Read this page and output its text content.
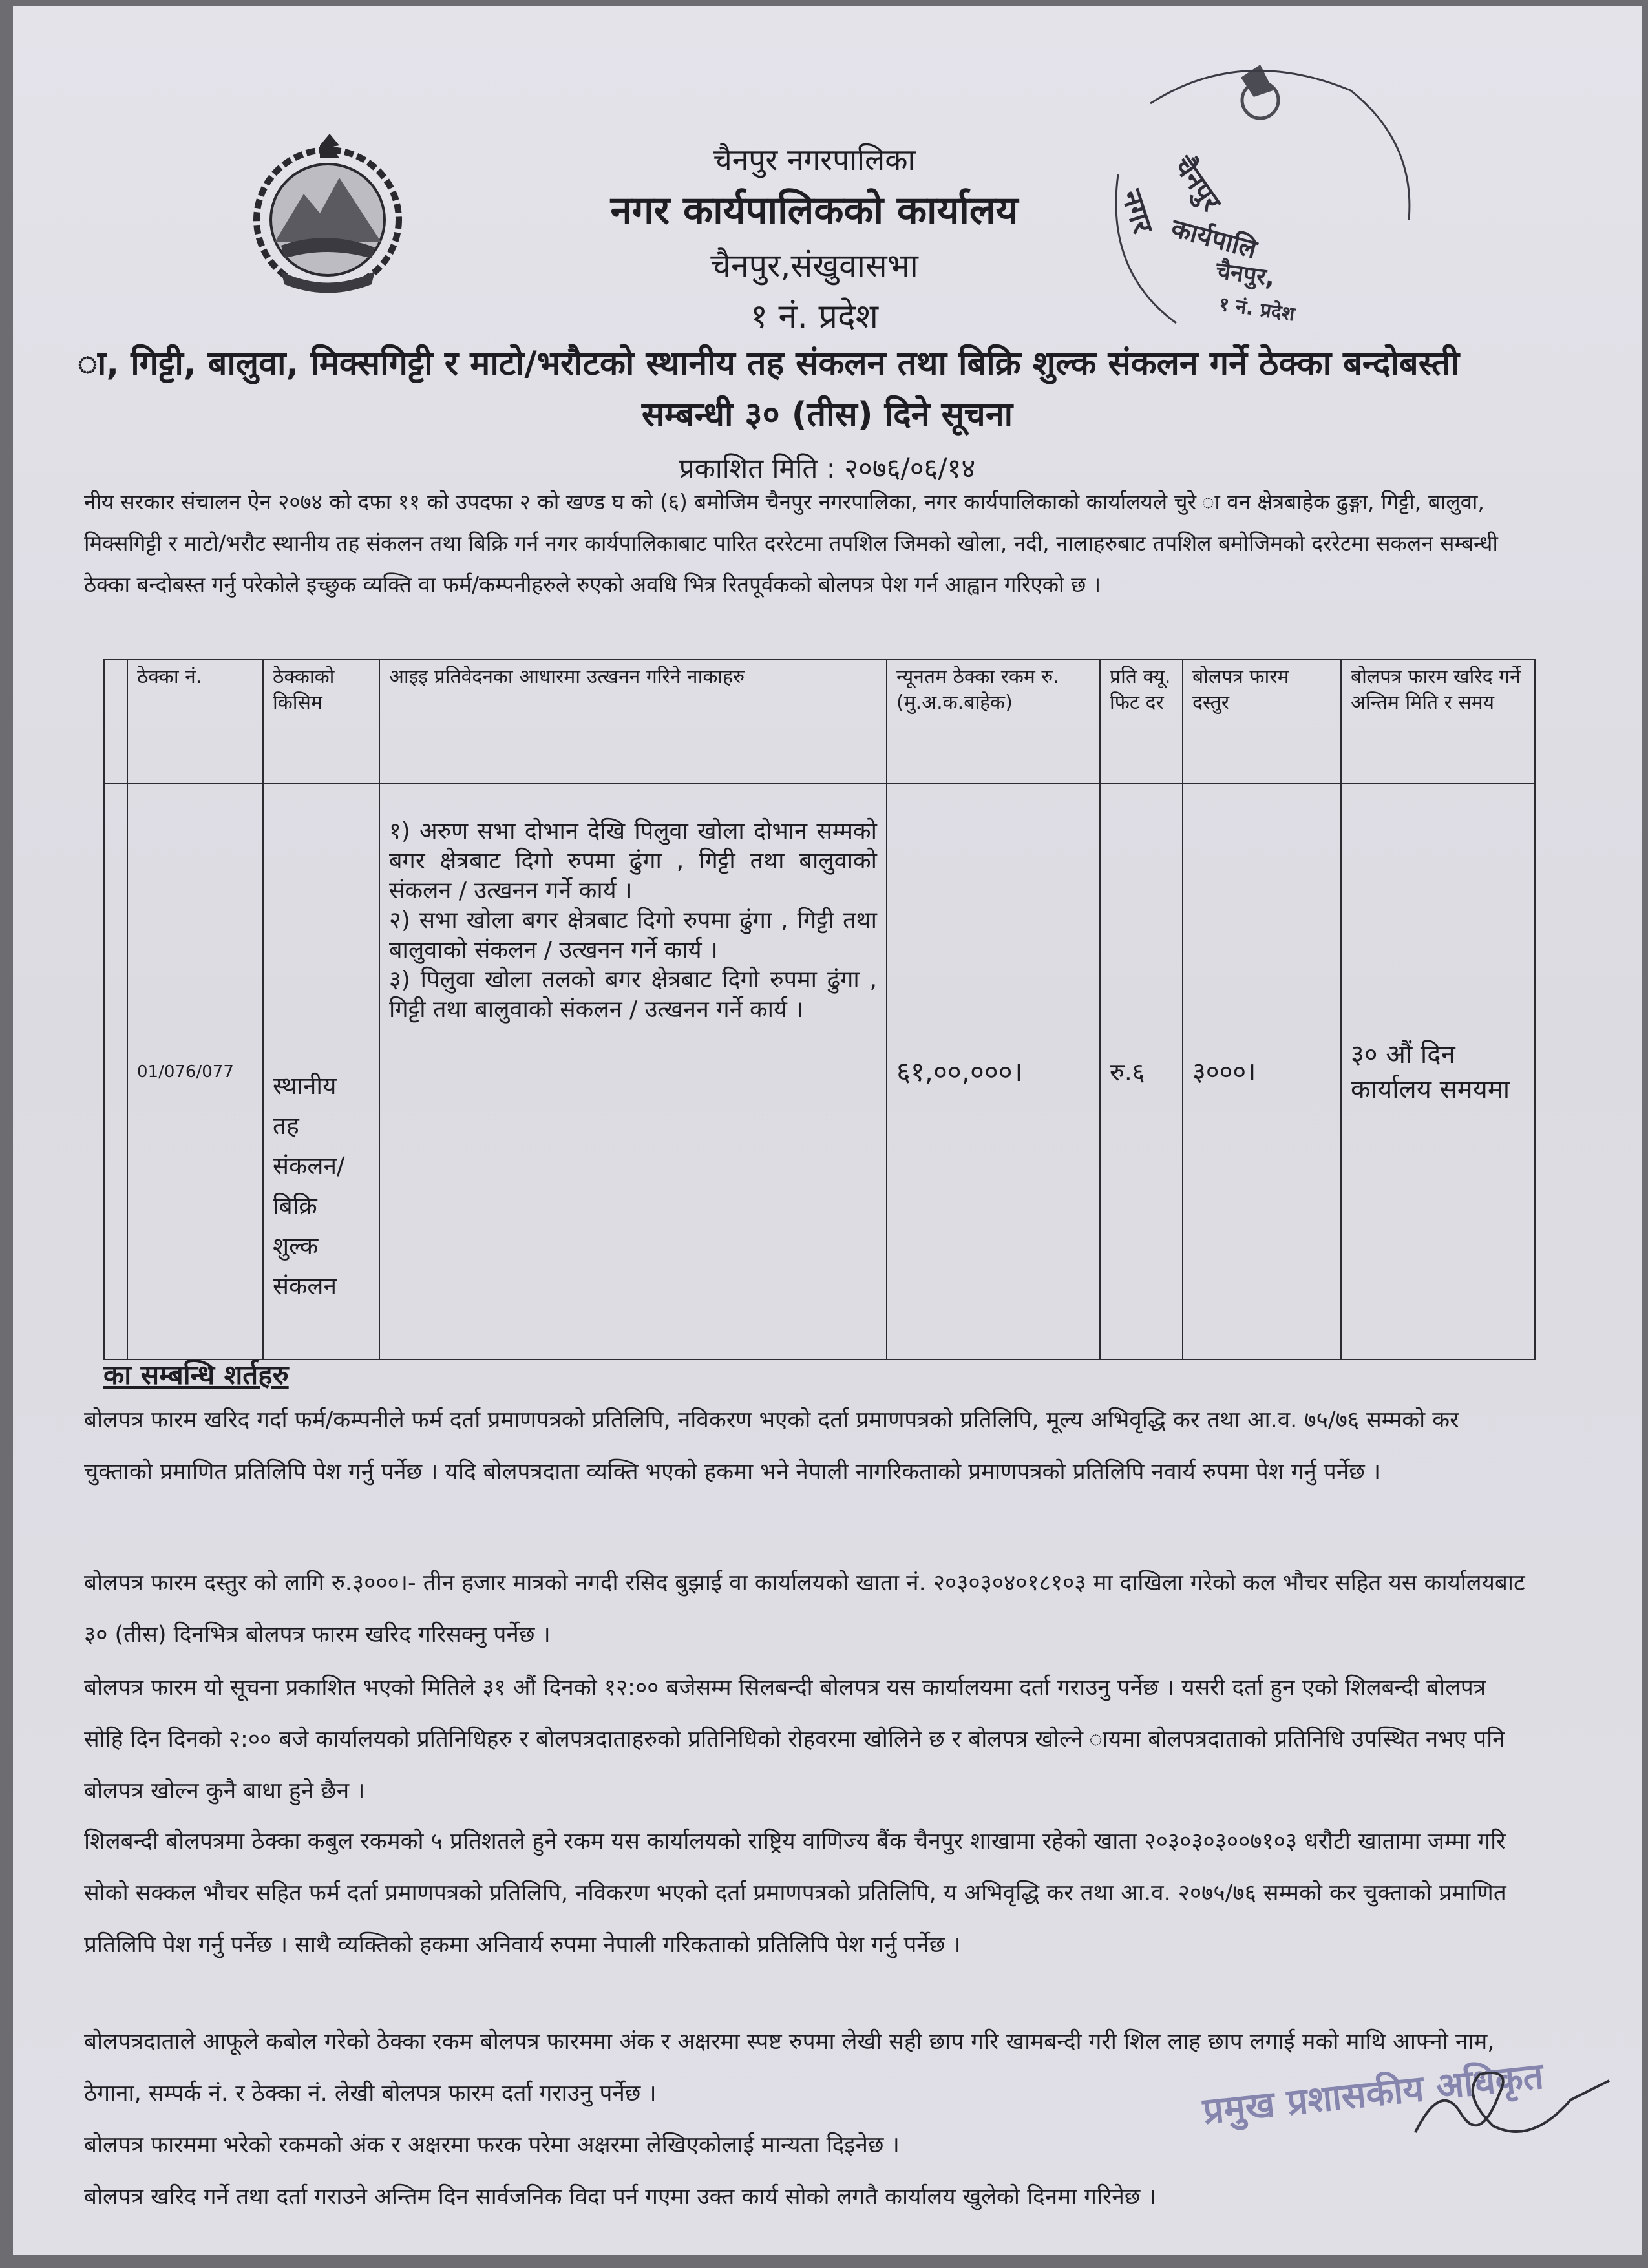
चैनपुर नगरपालिका
नगर कार्यपालिकको कार्यालय
चैनपुर,संखुवासभा
१ नं. प्रदेश
नगर चैनपुर
कार्यपालि
चैनपुर,
१ नं. प्रदेश
ा, गिट्टी, बालुवा, मिक्सगिट्टी र माटो/भरौटको स्थानीय तह संकलन तथा बिक्रि शुल्क संकलन गर्ने ठेक्का बन्दोबस्ती
सम्बन्धी ३० (तीस) दिने सूचना
प्रकाशित मिति : २०७६/०६/१४
नीय सरकार संचालन ऐन २०७४ को दफा ११ को उपदफा २ को खण्ड घ को (६) बमोजिम चैनपुर नगरपालिका, नगर कार्यपालिकाको कार्यालयले चुरे ा वन क्षेत्रबाहेक ढुङ्गा, गिट्टी, बालुवा, मिक्सगिट्टी र माटो/भरौट स्थानीय तह संकलन तथा बिक्रि गर्न नगर कार्यपालिकाबाट पारित दररेटमा तपशिल जिमको खोला, नदी, नालाहरुबाट तपशिल बमोजिमको दररेटमा सकलन सम्बन्धी ठेक्का बन्दोबस्त गर्नु परेकोले इच्छुक व्यक्ति वा फर्म/कम्पनीहरुले रुएको अवधि भित्र रितपूर्वकको बोलपत्र पेश गर्न आह्वान गरिएको छ ।
	ठेक्का नं.	ठेक्काको किसिम	आइइ प्रतिवेदनका आधारमा उत्खनन गरिने नाकाहरु	न्यूनतम ठेक्का रकम रु.(मु.अ.क.बाहेक)	प्रति क्यू. फिट दर	बोलपत्र फारम दस्तुर	बोलपत्र फारम खरिद गर्ने अन्तिम मिति र समय
	01/076/077	स्थानीय तह संकलन/ बिक्रि शुल्क संकलन	१) अरुण सभा दोभान देखि पिलुवा खोला दोभान सम्मको बगर क्षेत्रबाट दिगो रुपमा ढुंगा , गिट्टी तथा बालुवाको संकलन / उत्खनन गर्ने कार्य ।
२) सभा खोला बगर क्षेत्रबाट दिगो रुपमा ढुंगा , गिट्टी तथा बालुवाको संकलन / उत्खनन गर्ने कार्य ।
३) पिलुवा खोला तलको बगर क्षेत्रबाट दिगो रुपमा ढुंगा , गिट्टी तथा बालुवाको संकलन / उत्खनन गर्ने कार्य ।	६१,००,०००।	रु.६	३०००।	३० औं दिन कार्यालय समयमा
का सम्बन्धि शर्तहरु

बोलपत्र फारम खरिद गर्दा फर्म/कम्पनीले फर्म दर्ता प्रमाणपत्रको प्रतिलिपि, नविकरण भएको दर्ता प्रमाणपत्रको प्रतिलिपि, मूल्य अभिवृद्धि कर तथा आ.व. ७५/७६ सम्मको कर चुक्ताको प्रमाणित प्रतिलिपि पेश गर्नु पर्नेछ । यदि बोलपत्रदाता व्यक्ति भएको हकमा भने नेपाली नागरिकताको प्रमाणपत्रको प्रतिलिपि नवार्य रुपमा पेश गर्नु पर्नेछ ।

बोलपत्र फारम दस्तुर को लागि रु.३०००।- तीन हजार मात्रको नगदी रसिद बुझाई वा कार्यालयको खाता नं. २०३०३०४०१८१०३ मा दाखिला गरेको कल भौचर सहित यस कार्यालयबाट ३० (तीस) दिनभित्र बोलपत्र फारम खरिद गरिसक्नु पर्नेछ ।

बोलपत्र फारम यो सूचना प्रकाशित भएको मितिले ३१ औं दिनको १२:०० बजेसम्म सिलबन्दी बोलपत्र यस कार्यालयमा दर्ता गराउनु पर्नेछ । यसरी दर्ता हुन एको शिलबन्दी बोलपत्र सोहि दिन दिनको २:०० बजे कार्यालयको प्रतिनिधिहरु र बोलपत्रदाताहरुको प्रतिनिधिको रोहवरमा खोलिने छ र बोलपत्र खोल्ने ायमा बोलपत्रदाताको प्रतिनिधि उपस्थित नभए पनि बोलपत्र खोल्न कुनै बाधा हुने छैन ।

शिलबन्दी बोलपत्रमा ठेक्का कबुल रकमको ५ प्रतिशतले हुने रकम यस कार्यालयको राष्ट्रिय वाणिज्य बैंक चैनपुर शाखामा रहेको खाता २०३०३०३००७१०३ धरौटी खातामा जम्मा गरि सोको सक्कल भौचर सहित फर्म दर्ता प्रमाणपत्रको प्रतिलिपि, नविकरण भएको दर्ता प्रमाणपत्रको प्रतिलिपि, य अभिवृद्धि कर तथा आ.व. २०७५/७६ सम्मको कर चुक्ताको प्रमाणित प्रतिलिपि पेश गर्नु पर्नेछ । साथै व्यक्तिको हकमा अनिवार्य रुपमा नेपाली गरिकताको प्रतिलिपि पेश गर्नु पर्नेछ ।

बोलपत्रदाताले आफूले कबोल गरेको ठेक्का रकम बोलपत्र फारममा अंक र अक्षरमा स्पष्ट रुपमा लेखी सही छाप गरि खामबन्दी गरी शिल लाह छाप लगाई मको माथि आफ्नो नाम, ठेगाना, सम्पर्क नं. र ठेक्का नं. लेखी बोलपत्र फारम दर्ता गराउनु पर्नेछ ।

बोलपत्र फारममा भरेको रकमको अंक र अक्षरमा फरक परेमा अक्षरमा लेखिएकोलाई मान्यता दिइनेछ ।

बोलपत्र खरिद गर्ने तथा दर्ता गराउने अन्तिम दिन सार्वजनिक विदा पर्न गएमा उक्त कार्य सोको लगतै कार्यालय खुलेको दिनमा गरिनेछ ।

प्रमुख प्रशासकीय अधिकृत
